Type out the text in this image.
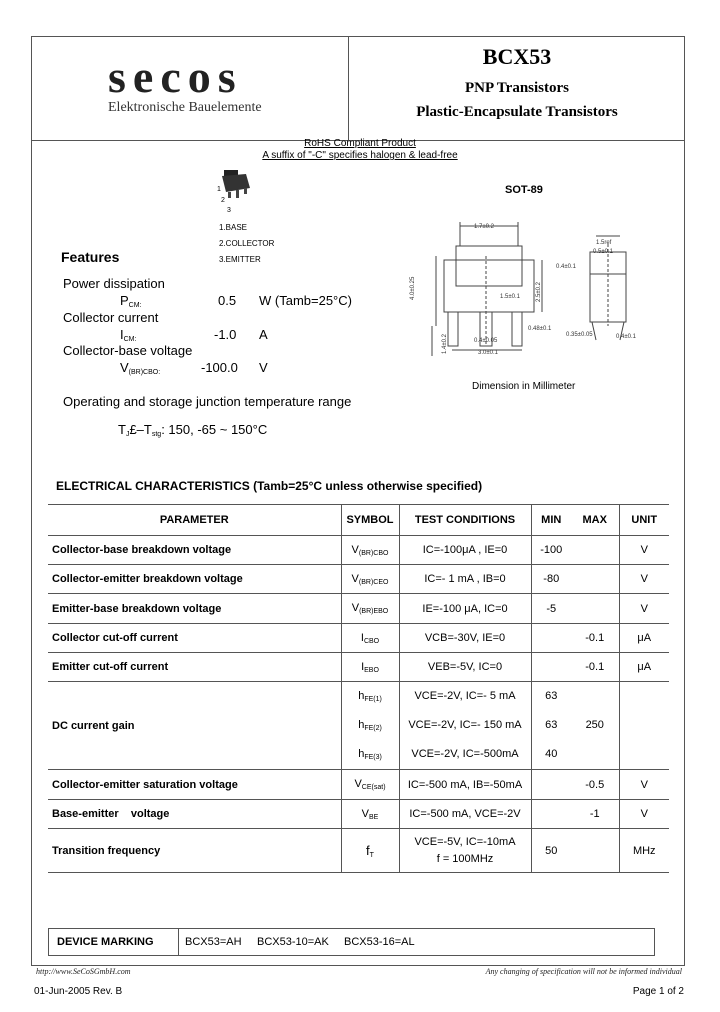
secos
Elektronische Bauelemente
BCX53
PNP Transistors
Plastic-Encapsulate Transistors
RoHS Compliant Product
A suffix of "-C" specifies halogen & lead-free
1
2
3
1.BASE
2.COLLECTOR
3.EMITTER
SOT-89
1.7±0.2
1.5ref
0.5±0.1
0.4±0.1
4.0±0.25	2.5±0.2
1.5±0.1
3.0±0.1
0.4±0.05
0.48±0.1
1.4±0.2	0.35±0.05	0.4±0.1
Dimension in Millimeter
Features
Power dissipation
$P_{CM:}$	0.5 W (Tamb=25°C)
Collector current
$I_{CM:}$	-1.0 A
Collector-base voltage
$V_{(BR)CBO:}$	-100.0 V
Operating and storage junction temperature range
$T_J£-T_{stg}$: 150, -65 ~ 150°C
ELECTRICAL CHARACTERISTICS (Tamb=25°C unless otherwise specified)
PARAMETER	SYMBOL	TEST CONDITIONS	MIN	MAX	UNIT
Collector-base breakdown voltage	$V_{(BR)CBO}$	IC=-100μA , IE=0	-100		V
Collector-emitter breakdown voltage	$V_{(BR)CEO}$	IC=- 1 mA , IB=0	-80		V
Emitter-base breakdown voltage	$V_{(BR)EBO}$	IE=-100 μA, IC=0	-5		V
Collector cut-off current	$I_{CBO}$	VCB=-30V, IE=0		-0.1	μA
Emitter cut-off current	$I_{EBO}$	VEB=-5V, IC=0		-0.1	μA
DC current gain	$h_{FE(1)}$	VCE=-2V, IC=- 5 mA	63		
	$h_{FE(2)}$	VCE=-2V, IC=- 150 mA	63	250	
	$h_{FE(3)}$	VCE=-2V, IC=-500mA	40		
Collector-emitter saturation voltage	$V_{CE(sat)}$	IC=-500 mA, IB=-50mA		-0.5	V
Base-emitter    voltage	$V_{BE}$	IC=-500 mA, VCE=-2V		-1	V
Transition frequency	$f_T$	VCE=-5V, IC=-10mA
f = 100MHz	50		MHz
DEVICE MARKING	BCX53=AH BCX53-10=AK BCX53-16=AL
http://www.SeCoSGmbH.com	Any changing of specification will not be informed individual
01-Jun-2005 Rev. B	Page 1 of 2
